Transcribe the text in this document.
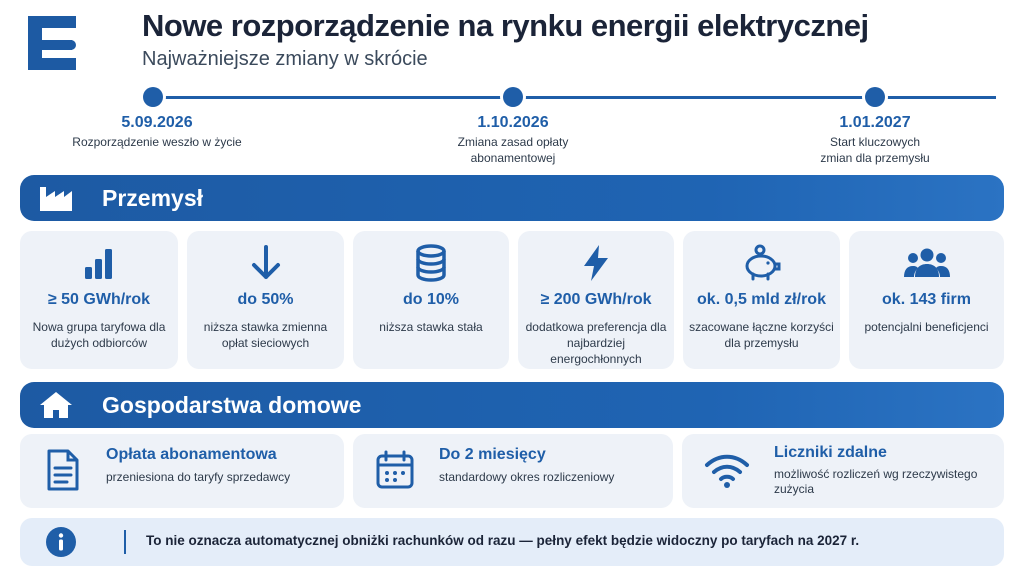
Nowe rozporządzenie na rynku energii elektrycznej
Najważniejsze zmiany w skrócie
5.09.2026
Rozporządzenie weszło w życie
1.10.2026
Zmiana zasad opłaty abonamentowej
1.01.2027
Start kluczowych zmian dla przemysłu
Przemysł
≥ 50 GWh/rok
Nowa grupa taryfowa dla dużych odbiorców
do 50%
niższa stawka zmienna opłat sieciowych
do 10%
niższa stawka stała
≥ 200 GWh/rok
dodatkowa preferencja dla najbardziej energochłonnych
ok. 0,5 mld zł/rok
szacowane łączne korzyści dla przemysłu
ok. 143 firm
potencjalni beneficjenci
Gospodarstwa domowe
Opłata abonamentowa
przeniesiona do taryfy sprzedawcy
Do 2 miesięcy
standardowy okres rozliczeniowy
Liczniki zdalne
możliwość rozliczeń wg rzeczywistego zużycia
To nie oznacza automatycznej obniżki rachunków od razu — pełny efekt będzie widoczny po taryfach na 2027 r.
